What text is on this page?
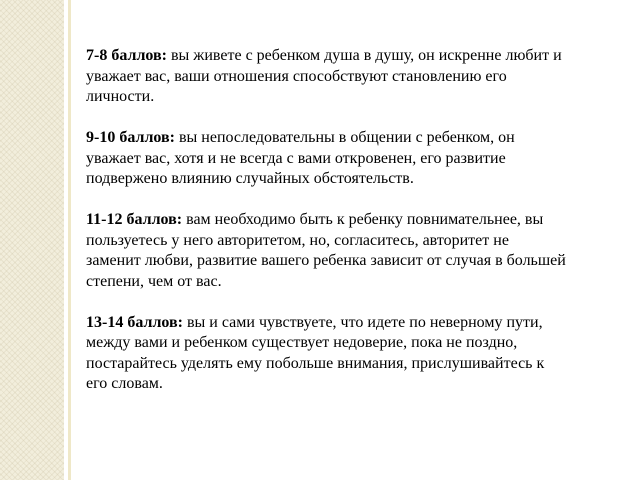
7-8 баллов: вы живете с ребенком душа в душу, он искренне любит и уважает вас, ваши отношения способствуют становлению его личности.

9-10 баллов: вы непоследовательны в общении с ребенком, он уважает вас, хотя и не всегда с вами откровенен, его развитие подвержено влиянию случайных обстоятельств.

11-12 баллов: вам необходимо быть к ребенку повнимательнее, вы пользуетесь у него авторитетом, но, согласитесь, авторитет не заменит любви, развитие вашего ребенка зависит от случая в большей степени, чем от вас.

13-14 баллов: вы и сами чувствуете, что идете по неверному пути, между вами и ребенком существует недоверие, пока не поздно, постарайтесь уделять ему побольше внимания, прислушивайтесь к его словам.
